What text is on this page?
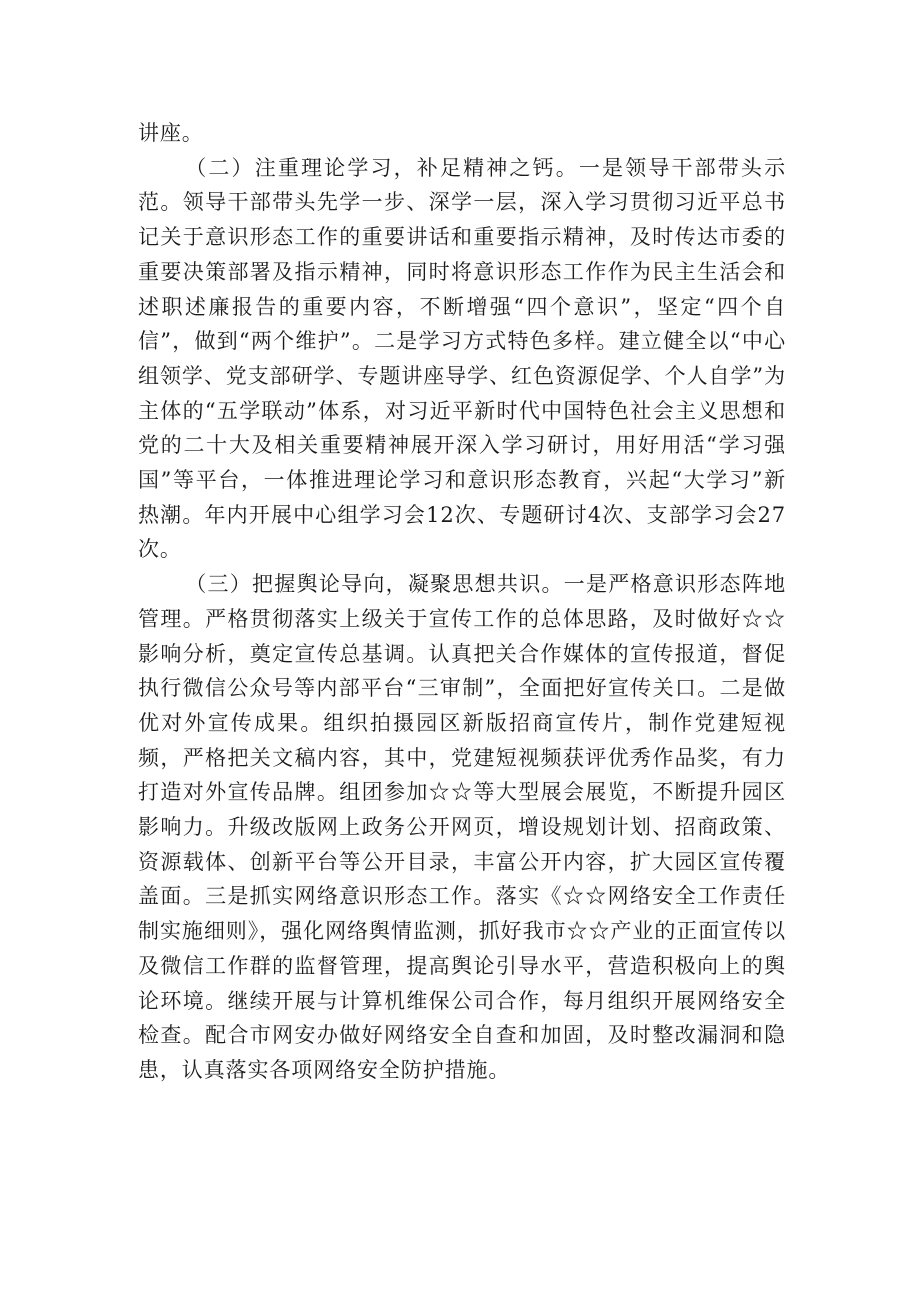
讲座。

（二）注重理论学习，补足精神之钙。一是领导干部带头示范。领导干部带头先学一步、深学一层，深入学习贯彻习近平总书记关于意识形态工作的重要讲话和重要指示精神，及时传达市委的重要决策部署及指示精神，同时将意识形态工作作为民主生活会和述职述廉报告的重要内容，不断增强“四个意识”，坚定“四个自信”，做到“两个维护”。二是学习方式特色多样。建立健全以“中心组领学、党支部研学、专题讲座导学、红色资源促学、个人自学”为主体的“五学联动”体系，对习近平新时代中国特色社会主义思想和党的二十大及相关重要精神展开深入学习研讨，用好用活“学习强国”等平台，一体推进理论学习和意识形态教育，兴起“大学习”新热潮。年内开展中心组学习会12次、专题研讨4次、支部学习会27次。

（三）把握舆论导向，凝聚思想共识。一是严格意识形态阵地管理。严格贯彻落实上级关于宣传工作的总体思路，及时做好☆☆影响分析，奠定宣传总基调。认真把关合作媒体的宣传报道，督促执行微信公众号等内部平台“三审制”，全面把好宣传关口。二是做优对外宣传成果。组织拍摄园区新版招商宣传片，制作党建短视频，严格把关文稿内容，其中，党建短视频获评优秀作品奖，有力打造对外宣传品牌。组团参加☆☆等大型展会展览，不断提升园区影响力。升级改版网上政务公开网页，增设规划计划、招商政策、资源载体、创新平台等公开目录，丰富公开内容，扩大园区宣传覆盖面。三是抓实网络意识形态工作。落实《☆☆网络安全工作责任制实施细则》，强化网络舆情监测，抓好我市☆☆产业的正面宣传以及微信工作群的监督管理，提高舆论引导水平，营造积极向上的舆论环境。继续开展与计算机维保公司合作，每月组织开展网络安全检查。配合市网安办做好网络安全自查和加固，及时整改漏洞和隐患，认真落实各项网络安全防护措施。
